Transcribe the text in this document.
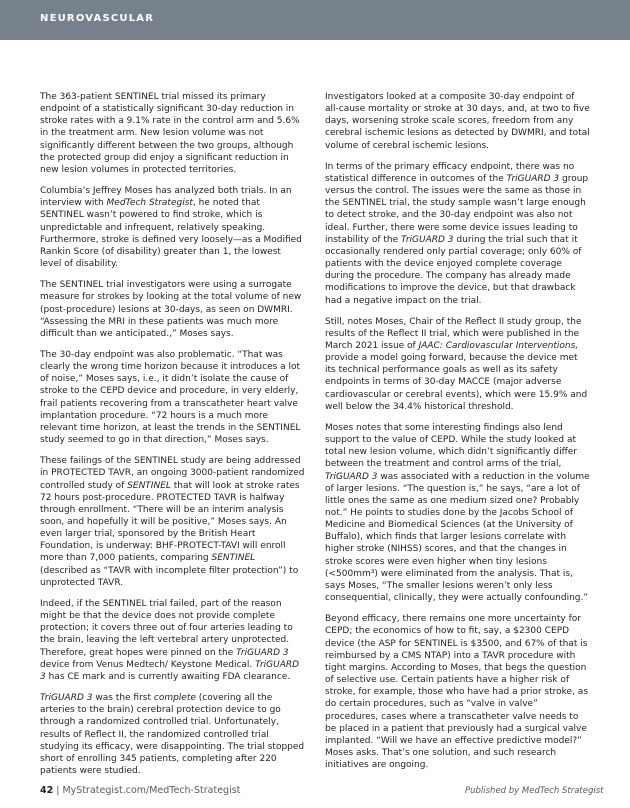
NEUROVASCULAR

The 363-patient SENTINEL trial missed its primary endpoint of a statistically significant 30-day reduction in stroke rates with a 9.1% rate in the control arm and 5.6% in the treatment arm. New lesion volume was not significantly different between the two groups, although the protected group did enjoy a significant reduction in new lesion volumes in protected territories.

Columbia’s Jeffrey Moses has analyzed both trials. In an interview with MedTech Strategist, he noted that SENTINEL wasn’t powered to find stroke, which is unpredictable and infrequent, relatively speaking. Furthermore, stroke is defined very loosely—as a Modified Rankin Score (of disability) greater than 1, the lowest level of disability.

The SENTINEL trial investigators were using a surrogate measure for strokes by looking at the total volume of new (post-procedure) lesions at 30-days, as seen on DWMRI. “Assessing the MRI in these patients was much more difficult than we anticipated.,” Moses says.

The 30-day endpoint was also problematic. “That was clearly the wrong time horizon because it introduces a lot of noise,” Moses says, i.e., it didn’t isolate the cause of stroke to the CEPD device and procedure, in very elderly, frail patients recovering from a transcatheter heart valve implantation procedure. “72 hours is a much more relevant time horizon, at least the trends in the SENTINEL study seemed to go in that direction,” Moses says.

These failings of the SENTINEL study are being addressed in PROTECTED TAVR, an ongoing 3000-patient randomized controlled study of SENTINEL that will look at stroke rates 72 hours post-procedure. PROTECTED TAVR is halfway through enrollment. “There will be an interim analysis soon, and hopefully it will be positive,” Moses says. An even larger trial, sponsored by the British Heart Foundation, is underway: BHF-PROTECT-TAVI will enroll more than 7,000 patients, comparing SENTINEL (described as “TAVR with incomplete filter protection”) to unprotected TAVR.

Indeed, if the SENTINEL trial failed, part of the reason might be that the device does not provide complete protection; it covers three out of four arteries leading to the brain, leaving the left vertebral artery unprotected. Therefore, great hopes were pinned on the TriGUARD 3 device from Venus Medtech/ Keystone Medical. TriGUARD 3 has CE mark and is currently awaiting FDA clearance.

TriGUARD 3 was the first complete (covering all the arteries to the brain) cerebral protection device to go through a randomized controlled trial. Unfortunately, results of Reflect II, the randomized controlled trial studying its efficacy, were disappointing. The trial stopped short of enrolling 345 patients, completing after 220 patients were studied.

Investigators looked at a composite 30-day endpoint of all-cause mortality or stroke at 30 days, and, at two to five days, worsening stroke scale scores, freedom from any cerebral ischemic lesions as detected by DWMRI, and total volume of cerebral ischemic lesions.

In terms of the primary efficacy endpoint, there was no statistical difference in outcomes of the TriGUARD 3 group versus the control. The issues were the same as those in the SENTINEL trial, the study sample wasn’t large enough to detect stroke, and the 30-day endpoint was also not ideal. Further, there were some device issues leading to instability of the TriGUARD 3 during the trial such that it occasionally rendered only partial coverage; only 60% of patients with the device enjoyed complete coverage during the procedure. The company has already made modifications to improve the device, but that drawback had a negative impact on the trial.

Still, notes Moses, Chair of the Reflect II study group, the results of the Reflect II trial, which were published in the March 2021 issue of JAAC: Cardiovascular Interventions, provide a model going forward, because the device met its technical performance goals as well as its safety endpoints in terms of 30-day MACCE (major adverse cardiovascular or cerebral events), which were 15.9% and well below the 34.4% historical threshold.

Moses notes that some interesting findings also lend support to the value of CEPD. While the study looked at total new lesion volume, which didn’t significantly differ between the treatment and control arms of the trial, TriGUARD 3 was associated with a reduction in the volume of larger lesions. “The question is,” he says, “are a lot of little ones the same as one medium sized one? Probably not.” He points to studies done by the Jacobs School of Medicine and Biomedical Sciences (at the University of Buffalo), which finds that larger lesions correlate with higher stroke (NIHSS) scores, and that the changes in stroke scores were even higher when tiny lesions (<500mm³) were eliminated from the analysis. That is, says Moses, “The smaller lesions weren’t only less consequential, clinically, they were actually confounding.”

Beyond efficacy, there remains one more uncertainty for CEPD; the economics of how to fit, say, a $2300 CEPD device (the ASP for SENTINEL is $3500, and 67% of that is reimbursed by a CMS NTAP) into a TAVR procedure with tight margins. According to Moses, that begs the question of selective use. Certain patients have a higher risk of stroke, for example, those who have had a prior stroke, as do certain procedures, such as “valve in valve” procedures, cases where a transcatheter valve needs to be placed in a patient that previously had a surgical valve implanted. “Will we have an effective predictive model?” Moses asks. That’s one solution, and such research initiatives are ongoing.

42 | MyStrategist.com/MedTech-Strategist	Published by MedTech Strategist
